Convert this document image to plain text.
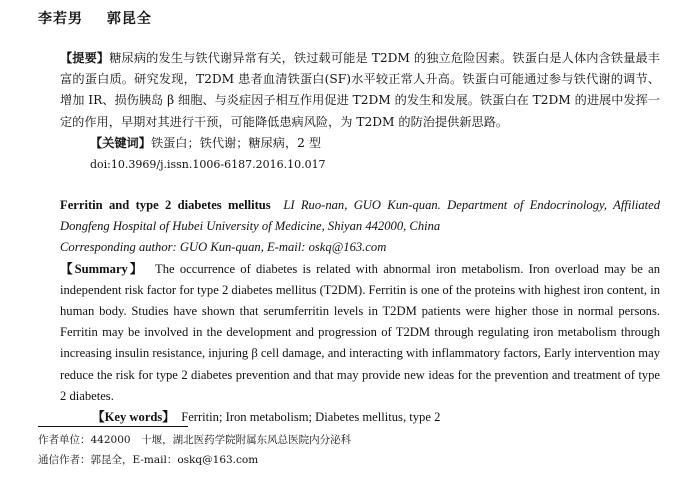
李若男 郭昆全
【提要】糖尿病的发生与铁代谢异常有关，铁过载可能是 T2DM 的独立危险因素。铁蛋白是人体内含铁量最丰富的蛋白质。研究发现，T2DM 患者血清铁蛋白(SF)水平较正常人升高。铁蛋白可能通过参与铁代谢的调节、增加 IR、损伤胰岛 β 细胞、与炎症因子相互作用促进 T2DM 的发生和发展。铁蛋白在 T2DM 的进展中发挥一定的作用，早期对其进行干预，可能降低患病风险，为 T2DM 的防治提供新思路。
【关键词】铁蛋白；铁代谢；糖尿病，2 型
doi:10.3969/j.issn.1006-6187.2016.10.017
Ferritin and type 2 diabetes mellitus LI Ruo-nan, GUO Kun-quan. Department of Endocrinology, Affiliated Dongfeng Hospital of Hubei University of Medicine, Shiyan 442000, China
Corresponding author: GUO Kun-quan, E-mail: oskq@163.com
【Summary】 The occurrence of diabetes is related with abnormal iron metabolism. Iron overload may be an independent risk factor for type 2 diabetes mellitus (T2DM). Ferritin is one of the proteins with highest iron content, in human body. Studies have shown that serumferritin levels in T2DM patients were higher those in normal persons. Ferritin may be involved in the development and progression of T2DM through regulating iron metabolism through increasing insulin resistance, injuring β cell damage, and interacting with inflammatory factors, Early intervention may reduce the risk for type 2 diabetes prevention and that may provide new ideas for the prevention and treatment of type 2 diabetes.
【Key words】 Ferritin; Iron metabolism; Diabetes mellitus, type 2
作者单位：442000　十堰，湖北医药学院附属东风总医院内分泌科
通信作者：郭昆全，E-mail：oskq@163.com
